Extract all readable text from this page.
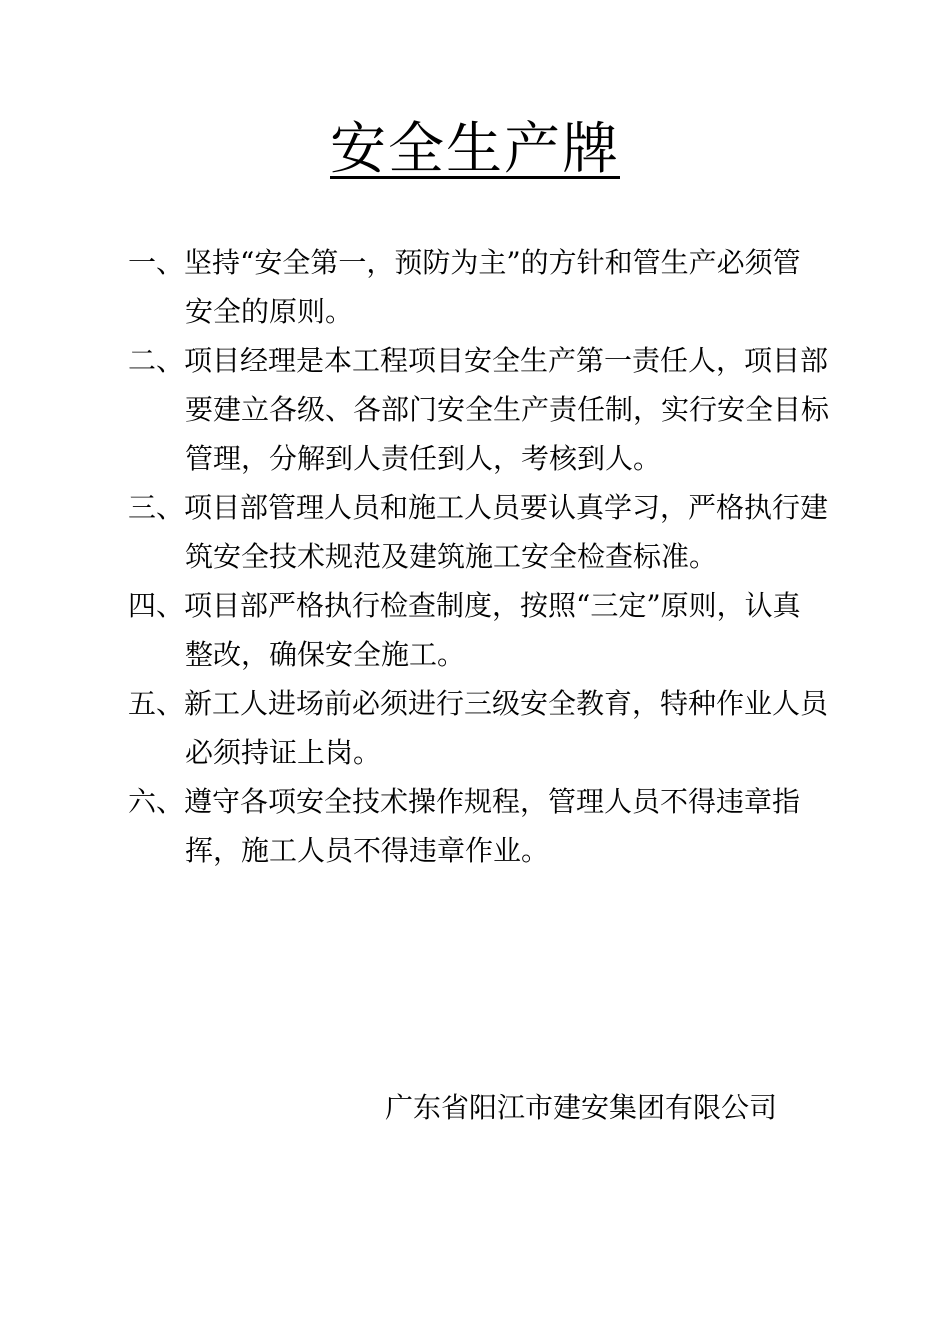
安全生产牌
一、坚持“安全第一，预防为主”的方针和管生产必须管
安全的原则。
二、项目经理是本工程项目安全生产第一责任人，项目部
要建立各级、各部门安全生产责任制，实行安全目标
管理，分解到人责任到人，考核到人。
三、项目部管理人员和施工人员要认真学习，严格执行建
筑安全技术规范及建筑施工安全检查标准。
四、项目部严格执行检查制度，按照“三定”原则，认真
整改，确保安全施工。
五、新工人进场前必须进行三级安全教育，特种作业人员
必须持证上岗。
六、遵守各项安全技术操作规程，管理人员不得违章指
挥，施工人员不得违章作业。
广东省阳江市建安集团有限公司
